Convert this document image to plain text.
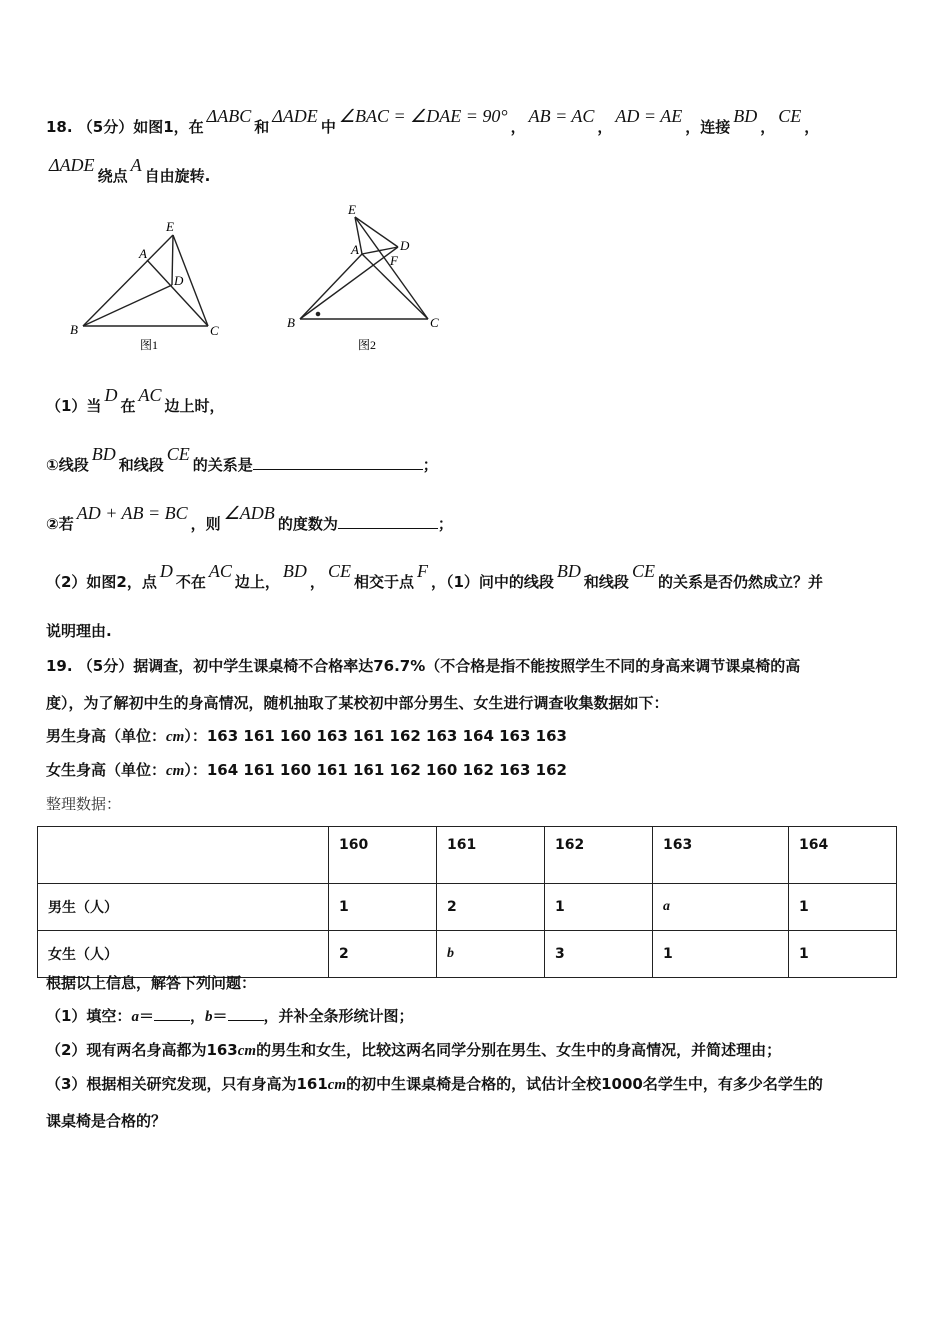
18. （5分）如图1，在ΔABC和ΔADE中∠BAC = ∠DAE = 90°，AB = AC，AD = AE，连接BD，CE，
ΔADE绕点A自由旋转.
A
B	C
D
E
图1
A
B	C
D
E
F
图2
（1）当D在AC边上时，
①线段BD和线段CE的关系是	；
②若AD + AB = BC，则∠ADB的度数为	；
（2）如图2，点D不在AC边上，BD，CE相交于点F，（1）问中的线段BD和线段CE的关系是否仍然成立？并
说明理由.
19. （5分）据调查，初中学生课桌椅不合格率达76.7%（不合格是指不能按照学生不同的身高来调节课桌椅的高
度），为了解初中生的身高情况，随机抽取了某校初中部分男生、女生进行调查收集数据如下：
男生身高（单位：cm）：163 161 160 163 161 162 163 164 163 163
女生身高（单位：cm）：164 161 160 161 161 162 160 162 163 162
整理数据：
	160	161	162	163	164
男生（人）	1	2	1	a	1
女生（人）	2	b	3	1	1
根据以上信息，解答下列问题：
（1）填空：a＝ ，b＝ ，并补全条形统计图；
（2）现有两名身高都为163cm的男生和女生，比较这两名同学分别在男生、女生中的身高情况，并简述理由；
（3）根据相关研究发现，只有身高为161cm的初中生课桌椅是合格的，试估计全校1000名学生中，有多少名学生的
课桌椅是合格的？
